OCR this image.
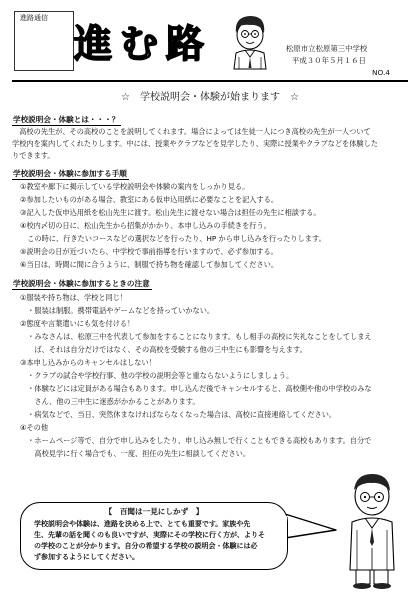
進路通信
進む路	松原市立松原第三中学校
平成３０年５月１６日
NO.4
☆　学校説明会・体験が始まります　☆
学校説明会・体験とは・・・？
　高校の先生が、その高校のことを説明してくれます。場合によっては生徒一人につき高校の先生が一人ついて
学校内を案内してくれたりします。中には、授業やクラブなどを見学したり、実際に授業やクラブなどを体験した
りできます。
学校説明会・体験に参加する手順
①教室や廊下に掲示している学校説明会や体験の案内をしっかり見る。
②参加したいものがある場合、教室にある仮申込用紙に必要なことを記入する。
③記入した仮申込用紙を松山先生に渡す。松山先生に渡せない場合は担任の先生に相談する。
④校内〆切の日に、松山先生から招集がかかり、本申し込みの手続きを行う。
　この時に、行きたいコースなどの選択などを行ったり、HP から申し込みを行ったりします。
⑤説明会の日が近づいたら、中学校で事前指導を行いますので、必ず参加する。
⑥当日は、時間に間に合うように、制服で持ち物を確認して参加してください。
学校説明会・体験に参加するときの注意
①服装や持ち物は、学校と同じ！
　・服装は制服。携帯電話やゲームなどを持っていかない。
②態度や言葉遣いにも気を付ける！
　・みなさんは、松原三中を代表して参加をすることになります。もし相手の高校に失礼なことをしてしまえ
　　ば、それは自分だけではなく、その高校を受験する他の三中生にも影響を与えます。
③本申し込みからのキャンセルはしない！
　・クラブの試合や学校行事、他の学校の説明会等と重ならないようにしましょう。
　・体験などには定員がある場合もあります。申し込んだ後でキャンセルすると、高校側や他の中学校のみな
　　さん、他の三中生に迷惑がかかることがあります。
　・病気などで、当日、突然休まなければならなくなった場合は、高校に直接連絡してください。
④その他
　・ホームページ等で、自分で申し込みをしたり、申し込み無しで行くこともできる高校もあります。自分で
　　高校見学に行く場合でも、一度、担任の先生に相談してください。
【　百聞は一見にしかず　】
学校説明会や体験は、進路を決める上で、とても重要です。家族や先
生、先輩の話を聞くのも良いですが、実際にその学校に行く方が、よりそ
の学校のことが分かります。自分の希望する学校の説明会・体験には必
ず参加するようにしてください。
